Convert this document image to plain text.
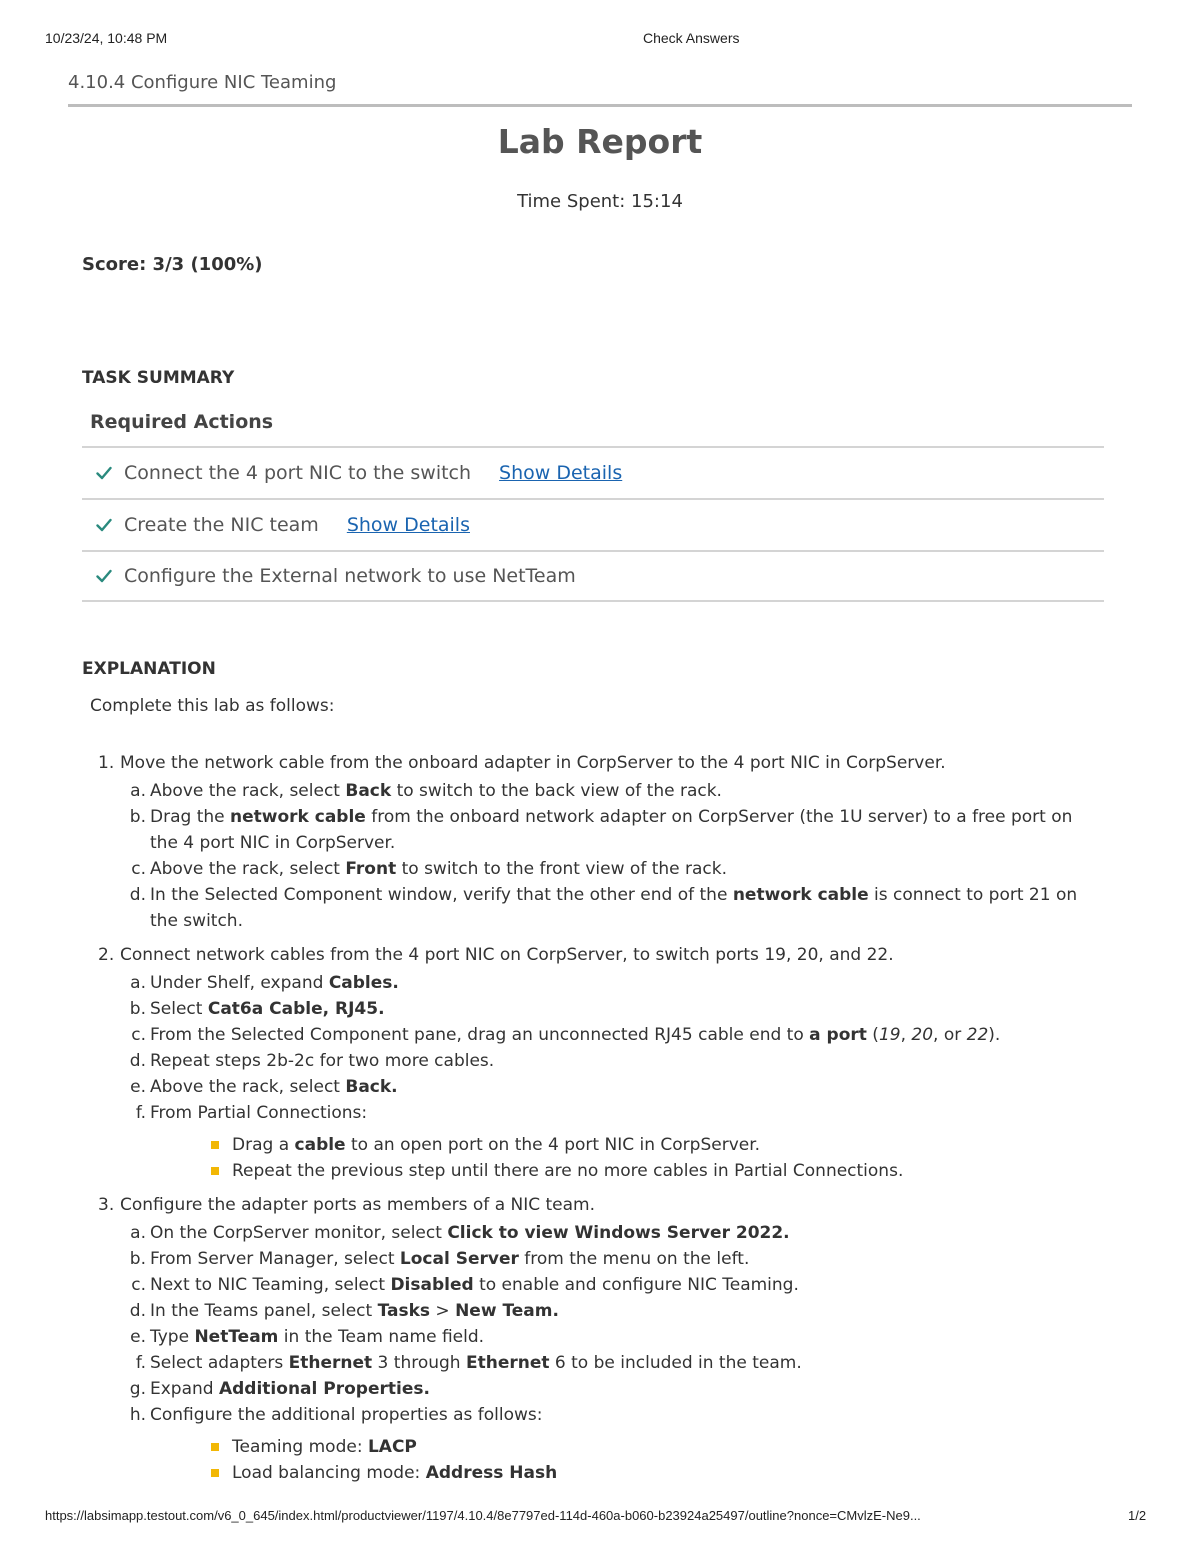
10/23/24, 10:48 PM	Check Answers
4.10.4 Configure NIC Teaming
Lab Report
Time Spent: 15:14
Score: 3/3 (100%)
TASK SUMMARY
Required Actions
Connect the 4 port NIC to the switch Show Details
Create the NIC team Show Details
Configure the External network to use NetTeam
EXPLANATION
Complete this lab as follows:
1. Move the network cable from the onboard adapter in CorpServer to the 4 port NIC in CorpServer.
a. Above the rack, select Back to switch to the back view of the rack.
b. Drag the network cable from the onboard network adapter on CorpServer (the 1U server) to a free port on the 4 port NIC in CorpServer.
c. Above the rack, select Front to switch to the front view of the rack.
d. In the Selected Component window, verify that the other end of the network cable is connect to port 21 on the switch.
2. Connect network cables from the 4 port NIC on CorpServer, to switch ports 19, 20, and 22.
a. Under Shelf, expand Cables.
b. Select Cat6a Cable, RJ45.
c. From the Selected Component pane, drag an unconnected RJ45 cable end to a port (19, 20, or 22).
d. Repeat steps 2b-2c for two more cables.
e. Above the rack, select Back.
f. From Partial Connections:
Drag a cable to an open port on the 4 port NIC in CorpServer.
Repeat the previous step until there are no more cables in Partial Connections.
3. Configure the adapter ports as members of a NIC team.
a. On the CorpServer monitor, select Click to view Windows Server 2022.
b. From Server Manager, select Local Server from the menu on the left.
c. Next to NIC Teaming, select Disabled to enable and configure NIC Teaming.
d. In the Teams panel, select Tasks > New Team.
e. Type NetTeam in the Team name field.
f. Select adapters Ethernet 3 through Ethernet 6 to be included in the team.
g. Expand Additional Properties.
h. Configure the additional properties as follows:
Teaming mode: LACP
Load balancing mode: Address Hash
https://labsimapp.testout.com/v6_0_645/index.html/productviewer/1197/4.10.4/8e7797ed-114d-460a-b060-b23924a25497/outline?nonce=CMvlzE-Ne9...	1/2
